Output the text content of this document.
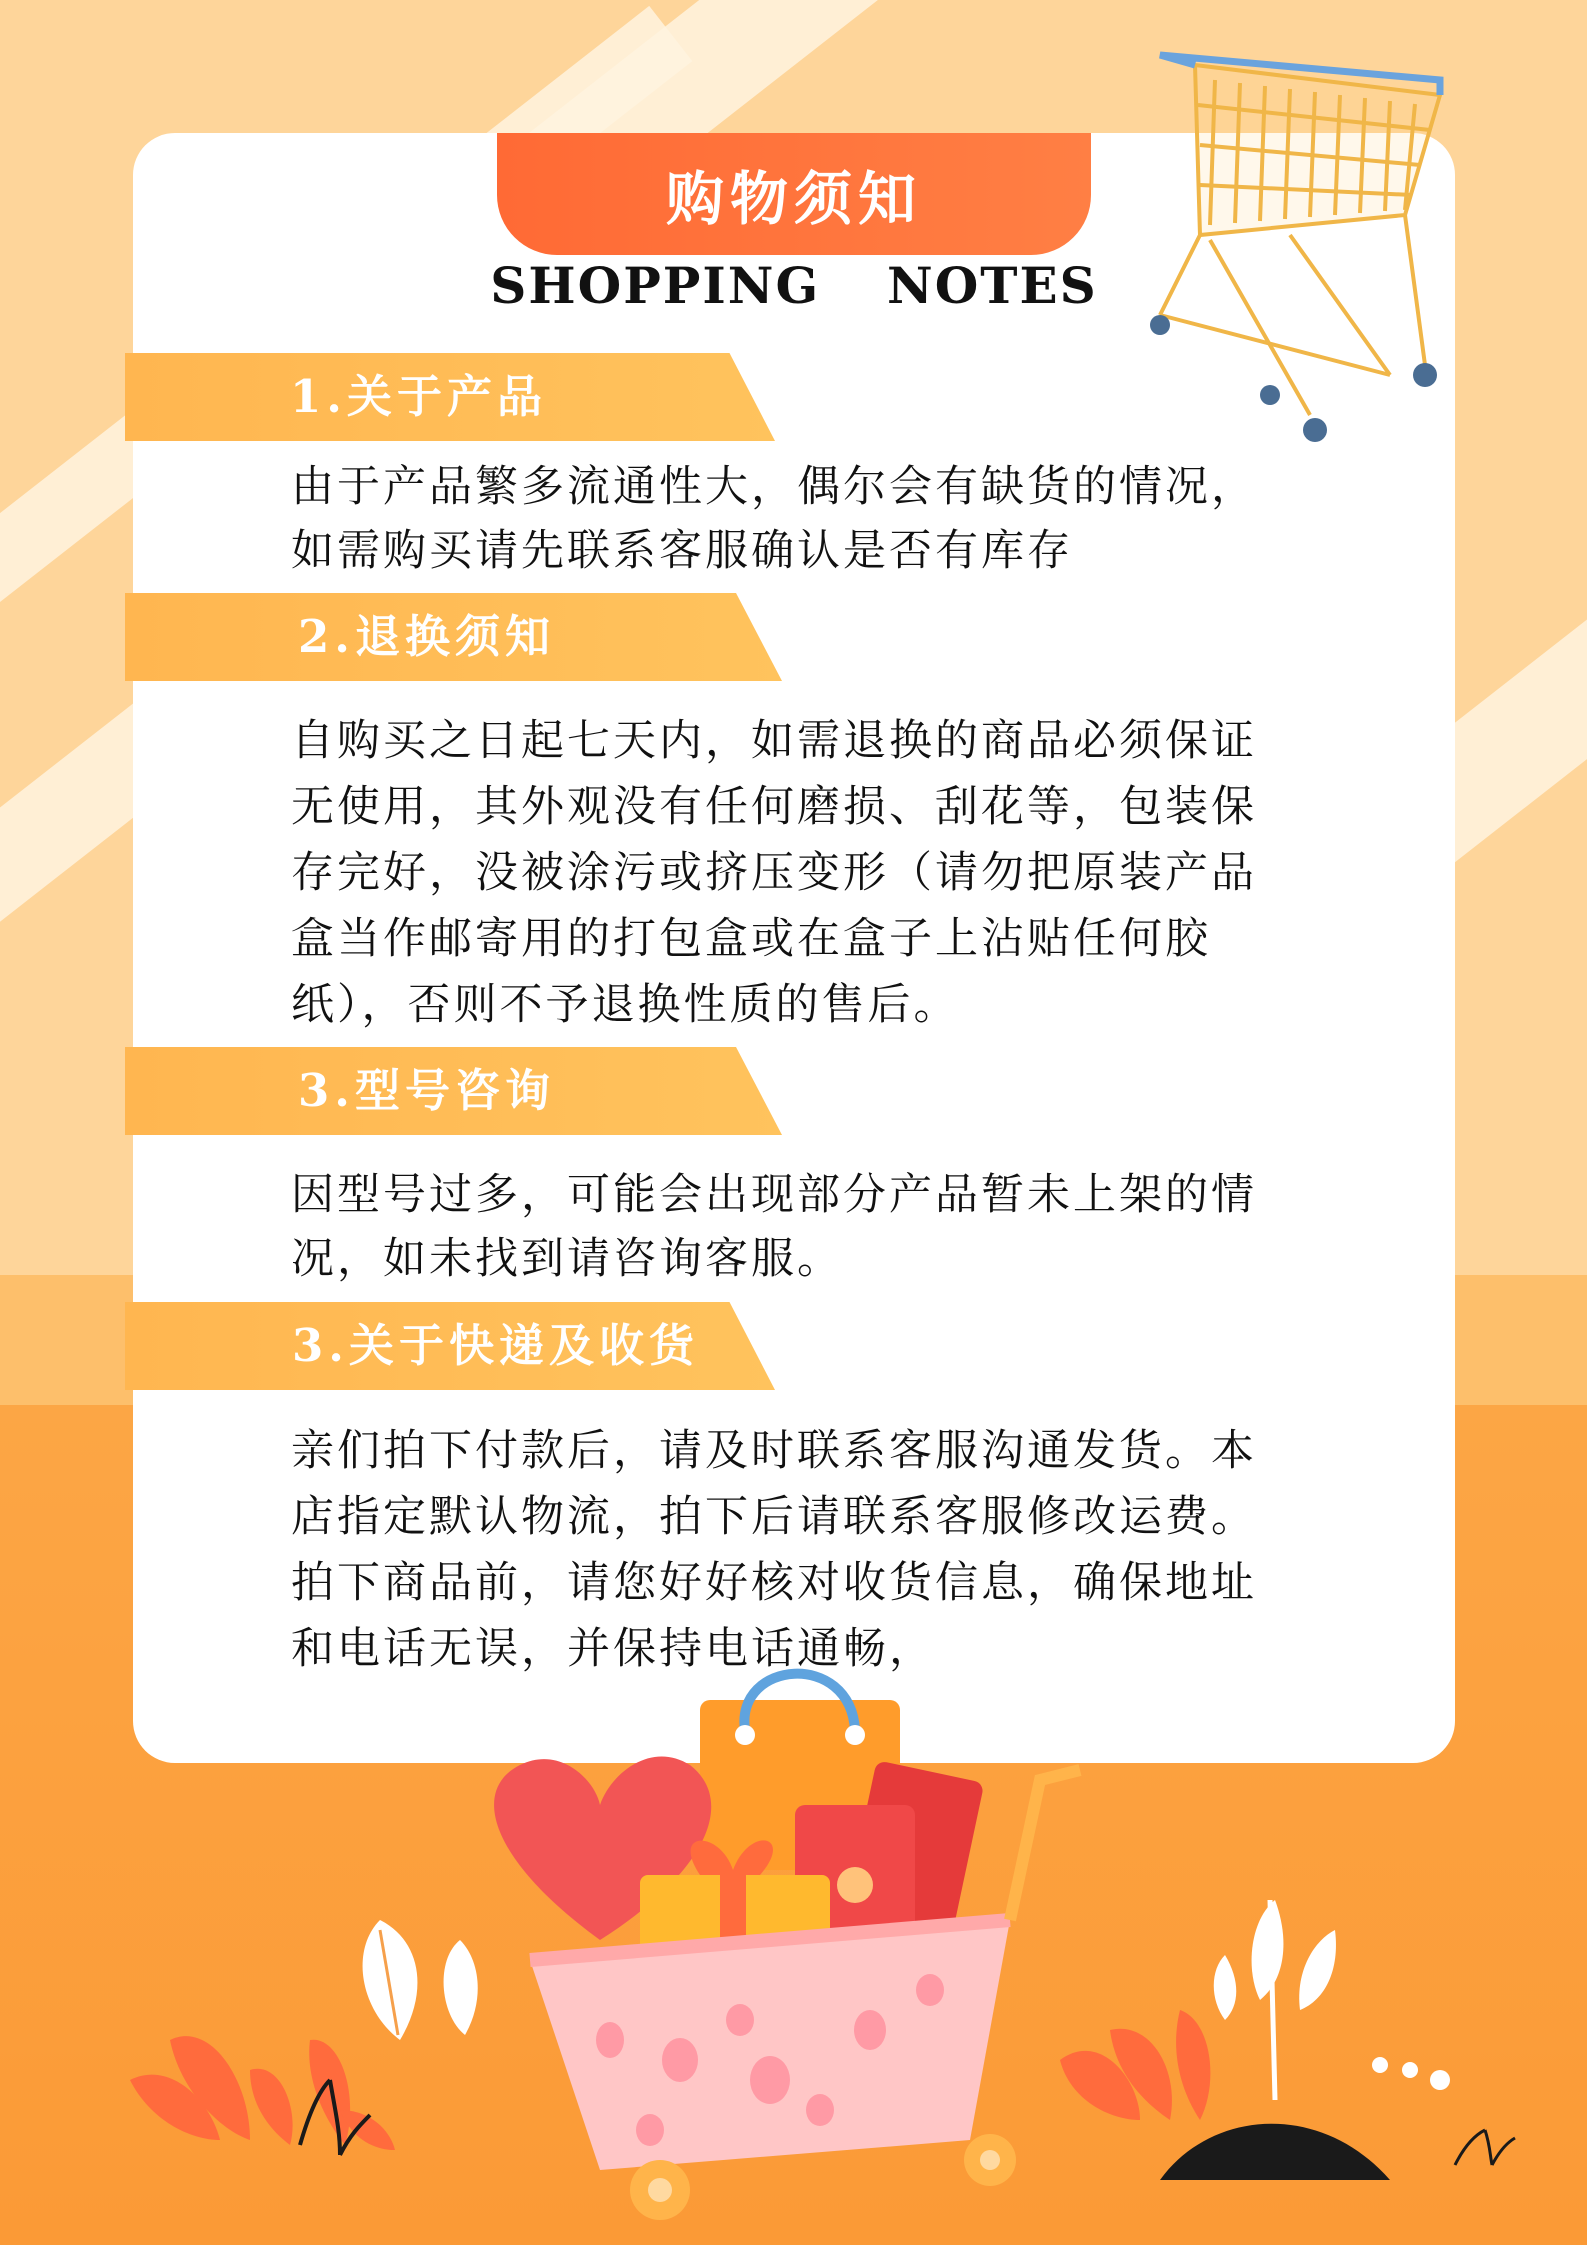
购物须知
SHOPPING  NOTES
1.关于产品
由于产品繁多流通性大，偶尔会有缺货的情况，
如需购买请先联系客服确认是否有库存
2.退换须知
自购买之日起七天内，如需退换的商品必须保证
无使用，其外观没有任何磨损、刮花等，包装保
存完好，没被涂污或挤压变形（请勿把原装产品
盒当作邮寄用的打包盒或在盒子上沾贴任何胶
纸），否则不予退换性质的售后。
3.型号咨询
因型号过多，可能会出现部分产品暂未上架的情
况，如未找到请咨询客服。
3.关于快递及收货
亲们拍下付款后，请及时联系客服沟通发货。本
店指定默认物流，拍下后请联系客服修改运费。
拍下商品前，请您好好核对收货信息，确保地址
和电话无误，并保持电话通畅，
